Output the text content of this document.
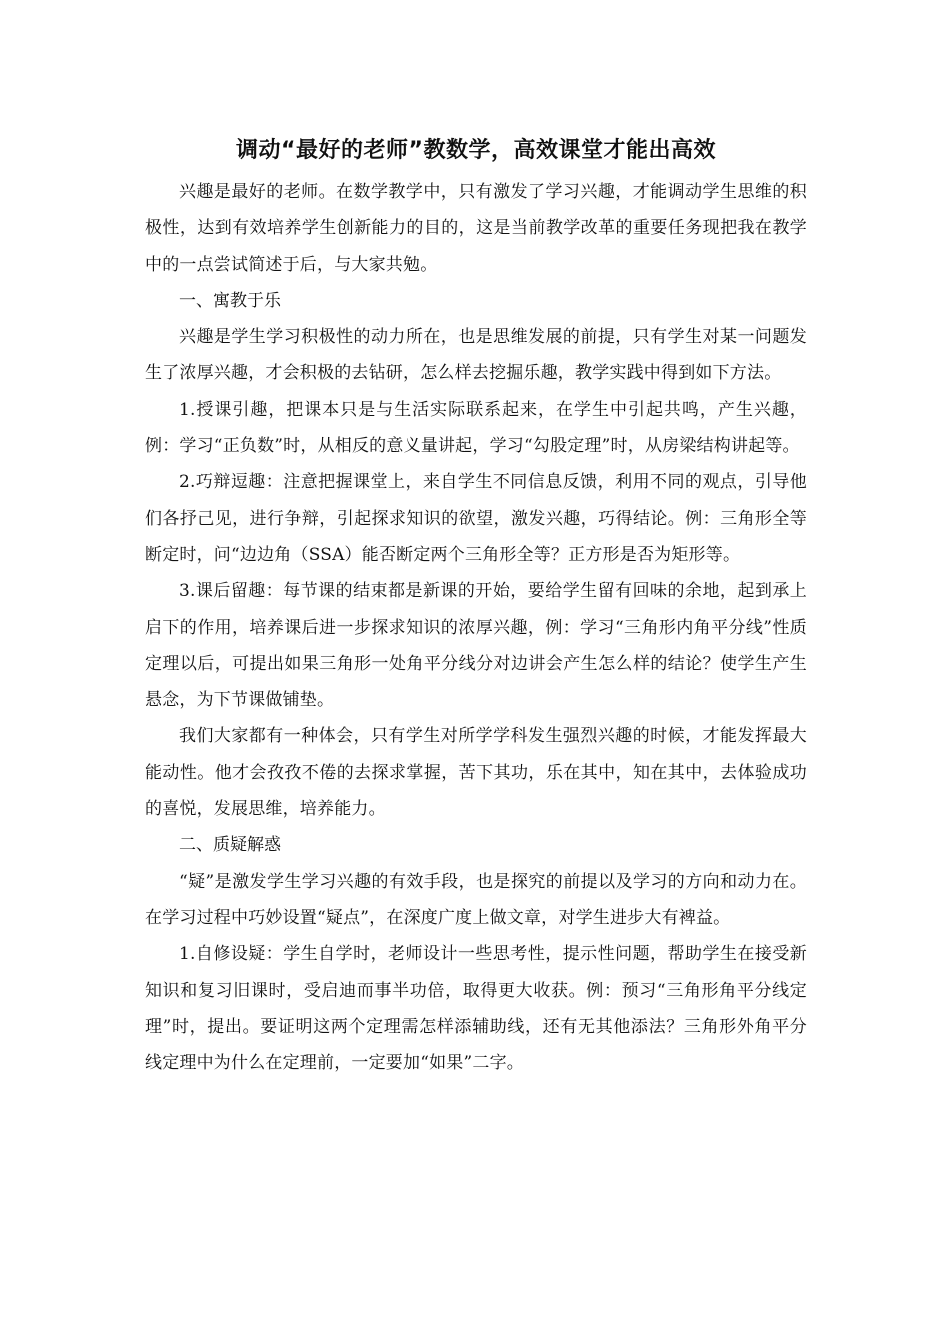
调动“最好的老师”教数学，高效课堂才能出高效

兴趣是最好的老师。在数学教学中，只有激发了学习兴趣，才能调动学生思维的积极性，达到有效培养学生创新能力的目的，这是当前教学改革的重要任务现把我在教学中的一点尝试简述于后，与大家共勉。

一、寓教于乐

兴趣是学生学习积极性的动力所在，也是思维发展的前提，只有学生对某一问题发生了浓厚兴趣，才会积极的去钻研，怎么样去挖掘乐趣，教学实践中得到如下方法。

1.授课引趣，把课本只是与生活实际联系起来，在学生中引起共鸣，产生兴趣，例：学习“正负数”时，从相反的意义量讲起，学习“勾股定理”时，从房梁结构讲起等。

2.巧辩逗趣：注意把握课堂上，来自学生不同信息反馈，利用不同的观点，引导他们各抒己见，进行争辩，引起探求知识的欲望，激发兴趣，巧得结论。例：三角形全等断定时，问“边边角（SSA）能否断定两个三角形全等？正方形是否为矩形等。

3.课后留趣：每节课的结束都是新课的开始，要给学生留有回味的余地，起到承上启下的作用，培养课后进一步探求知识的浓厚兴趣，例：学习“三角形内角平分线”性质定理以后，可提出如果三角形一处角平分线分对边讲会产生怎么样的结论？使学生产生悬念，为下节课做铺垫。

我们大家都有一种体会，只有学生对所学学科发生强烈兴趣的时候，才能发挥最大能动性。他才会孜孜不倦的去探求掌握，苦下其功，乐在其中，知在其中，去体验成功的喜悦，发展思维，培养能力。

二、质疑解惑

“疑”是激发学生学习兴趣的有效手段，也是探究的前提以及学习的方向和动力在。在学习过程中巧妙设置“疑点”，在深度广度上做文章，对学生进步大有裨益。

1.自修设疑：学生自学时，老师设计一些思考性，提示性问题，帮助学生在接受新知识和复习旧课时，受启迪而事半功倍，取得更大收获。例：预习“三角形角平分线定理”时，提出。要证明这两个定理需怎样添辅助线，还有无其他添法？三角形外角平分线定理中为什么在定理前，一定要加“如果”二字。
